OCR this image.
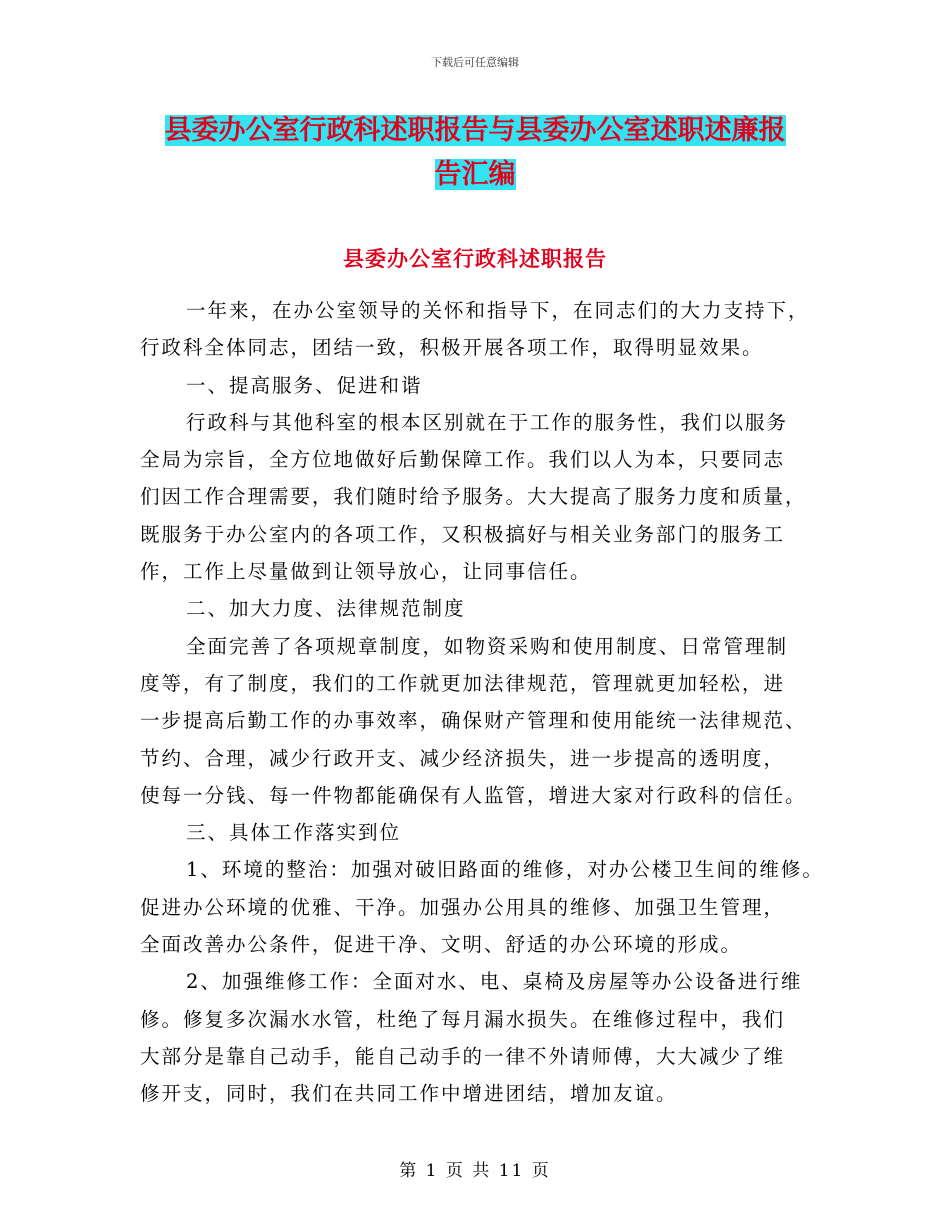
下载后可任意编辑
县委办公室行政科述职报告与县委办公室述职述廉报
告汇编
县委办公室行政科述职报告
一年来，在办公室领导的关怀和指导下，在同志们的大力支持下，
行政科全体同志，团结一致，积极开展各项工作，取得明显效果。
一、提高服务、促进和谐
行政科与其他科室的根本区别就在于工作的服务性，我们以服务
全局为宗旨，全方位地做好后勤保障工作。我们以人为本，只要同志
们因工作合理需要，我们随时给予服务。大大提高了服务力度和质量，
既服务于办公室内的各项工作，又积极搞好与相关业务部门的服务工
作，工作上尽量做到让领导放心，让同事信任。
二、加大力度、法律规范制度
全面完善了各项规章制度，如物资采购和使用制度、日常管理制
度等，有了制度，我们的工作就更加法律规范，管理就更加轻松，进
一步提高后勤工作的办事效率，确保财产管理和使用能统一法律规范、
节约、合理，减少行政开支、减少经济损失，进一步提高的透明度，
使每一分钱、每一件物都能确保有人监管，增进大家对行政科的信任。
三、具体工作落实到位
1、环境的整治：加强对破旧路面的维修，对办公楼卫生间的维修。
促进办公环境的优雅、干净。加强办公用具的维修、加强卫生管理，
全面改善办公条件，促进干净、文明、舒适的办公环境的形成。
2、加强维修工作：全面对水、电、桌椅及房屋等办公设备进行维
修。修复多次漏水水管，杜绝了每月漏水损失。在维修过程中，我们
大部分是靠自己动手，能自己动手的一律不外请师傅，大大减少了维
修开支，同时，我们在共同工作中增进团结，增加友谊。
第 1 页 共 11 页
